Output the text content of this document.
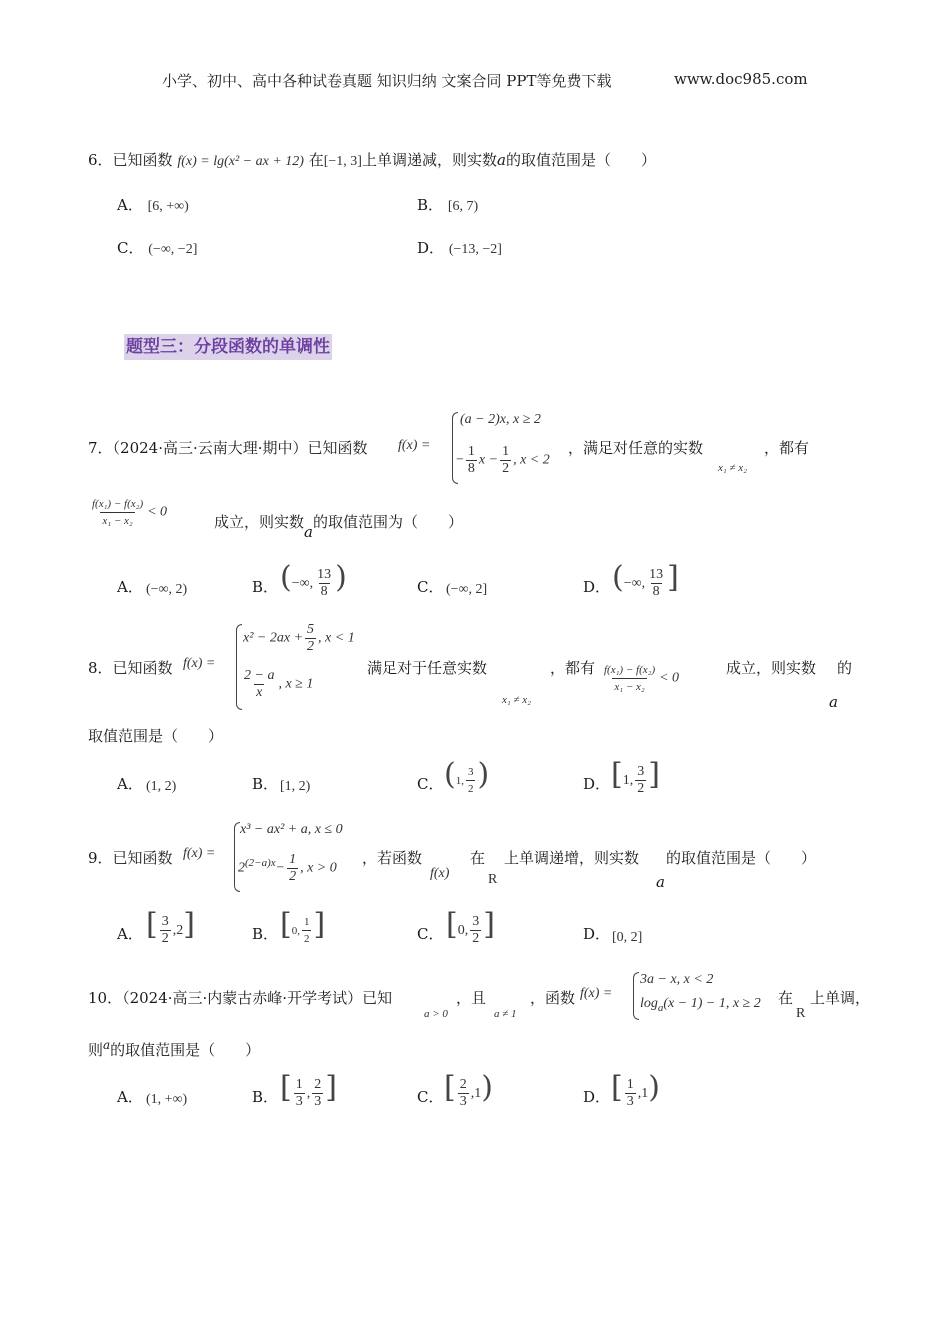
小学、初中、高中各种试卷真题 知识归纳 文案合同 PPT等免费下载	www.doc985.com
6．已知函数 f(x) = lg(x² − ax + 12) 在[−1, 3]上单调递减，则实数a的取值范围是（　　）
A． [6, +∞)	B． [6, 7)
C． (−∞, −2]	D． (−13, −2]
题型三：分段函数的单调性
7．（2024·高三·云南大理·期中）已知函数 f(x) =
(a − 2)x, x ≥ 2
− $\frac{1}{8}$ $x - \frac{1}{2}$ , x < 2
，满足对任意的实数
x₁ ≠ x₂
，都有
$\frac{\text{f(x₁) − f(x₂)}}{\text{x₁ − x₂}} < 0$
成立，则实数a的取值范围为（　　）
A． (−∞, 2)	B． (−∞, $\frac{13}{8}$ )	C． (−∞, 2]	D． (−∞, $\frac{13}{8}$ ]
8．已知函数 f(x) =
$x^2 - 2ax + \frac{5}{2}$ , x < 1
$\frac{2 - a}{x}$ , x ≥ 1
满足对于任意实数
x₁ ≠ x₂
，都有 $\frac{\text{f(x₁) − f(x₂)}}{\text{x₁ − x₂}} < 0$
成立，则实数 的
a
取值范围是（　　）
A． (1, 2)	B． [1, 2)	C． (1, $\frac{3}{2}$ )	D． [1, $\frac{3}{2}$ ]
9．已知函数 f(x) =
x³ − ax² + a, x ≤ 0
$2^{(2-a)x}- \frac{1}{2}$ , x > 0
，若函数
f(x)
在
R
上单调递增，则实数
a
的取值范围是（　　）
A． [ $\frac{3}{2} ,2$]	B． [0, $\frac{1}{2}$ ]	C． [0, $\frac{3}{2}$ ]	D． [0, 2]
10．（2024·高三·内蒙古赤峰·开学考试）已知
a > 0
，且
a ≠ 1
，函数 f(x) =
3a − x, x < 2
$\log_a(x - 1) - 1$, x ≥ 2 在
R
上单调，
则$^a$的取值范围是（　　）
A． (1, +∞)	B． [ $\frac{1}{3}$ , $\frac{2}{3}$ ]	C． [ $\frac{2}{3} ,1$)	D． [ $\frac{1}{3} ,1$)
